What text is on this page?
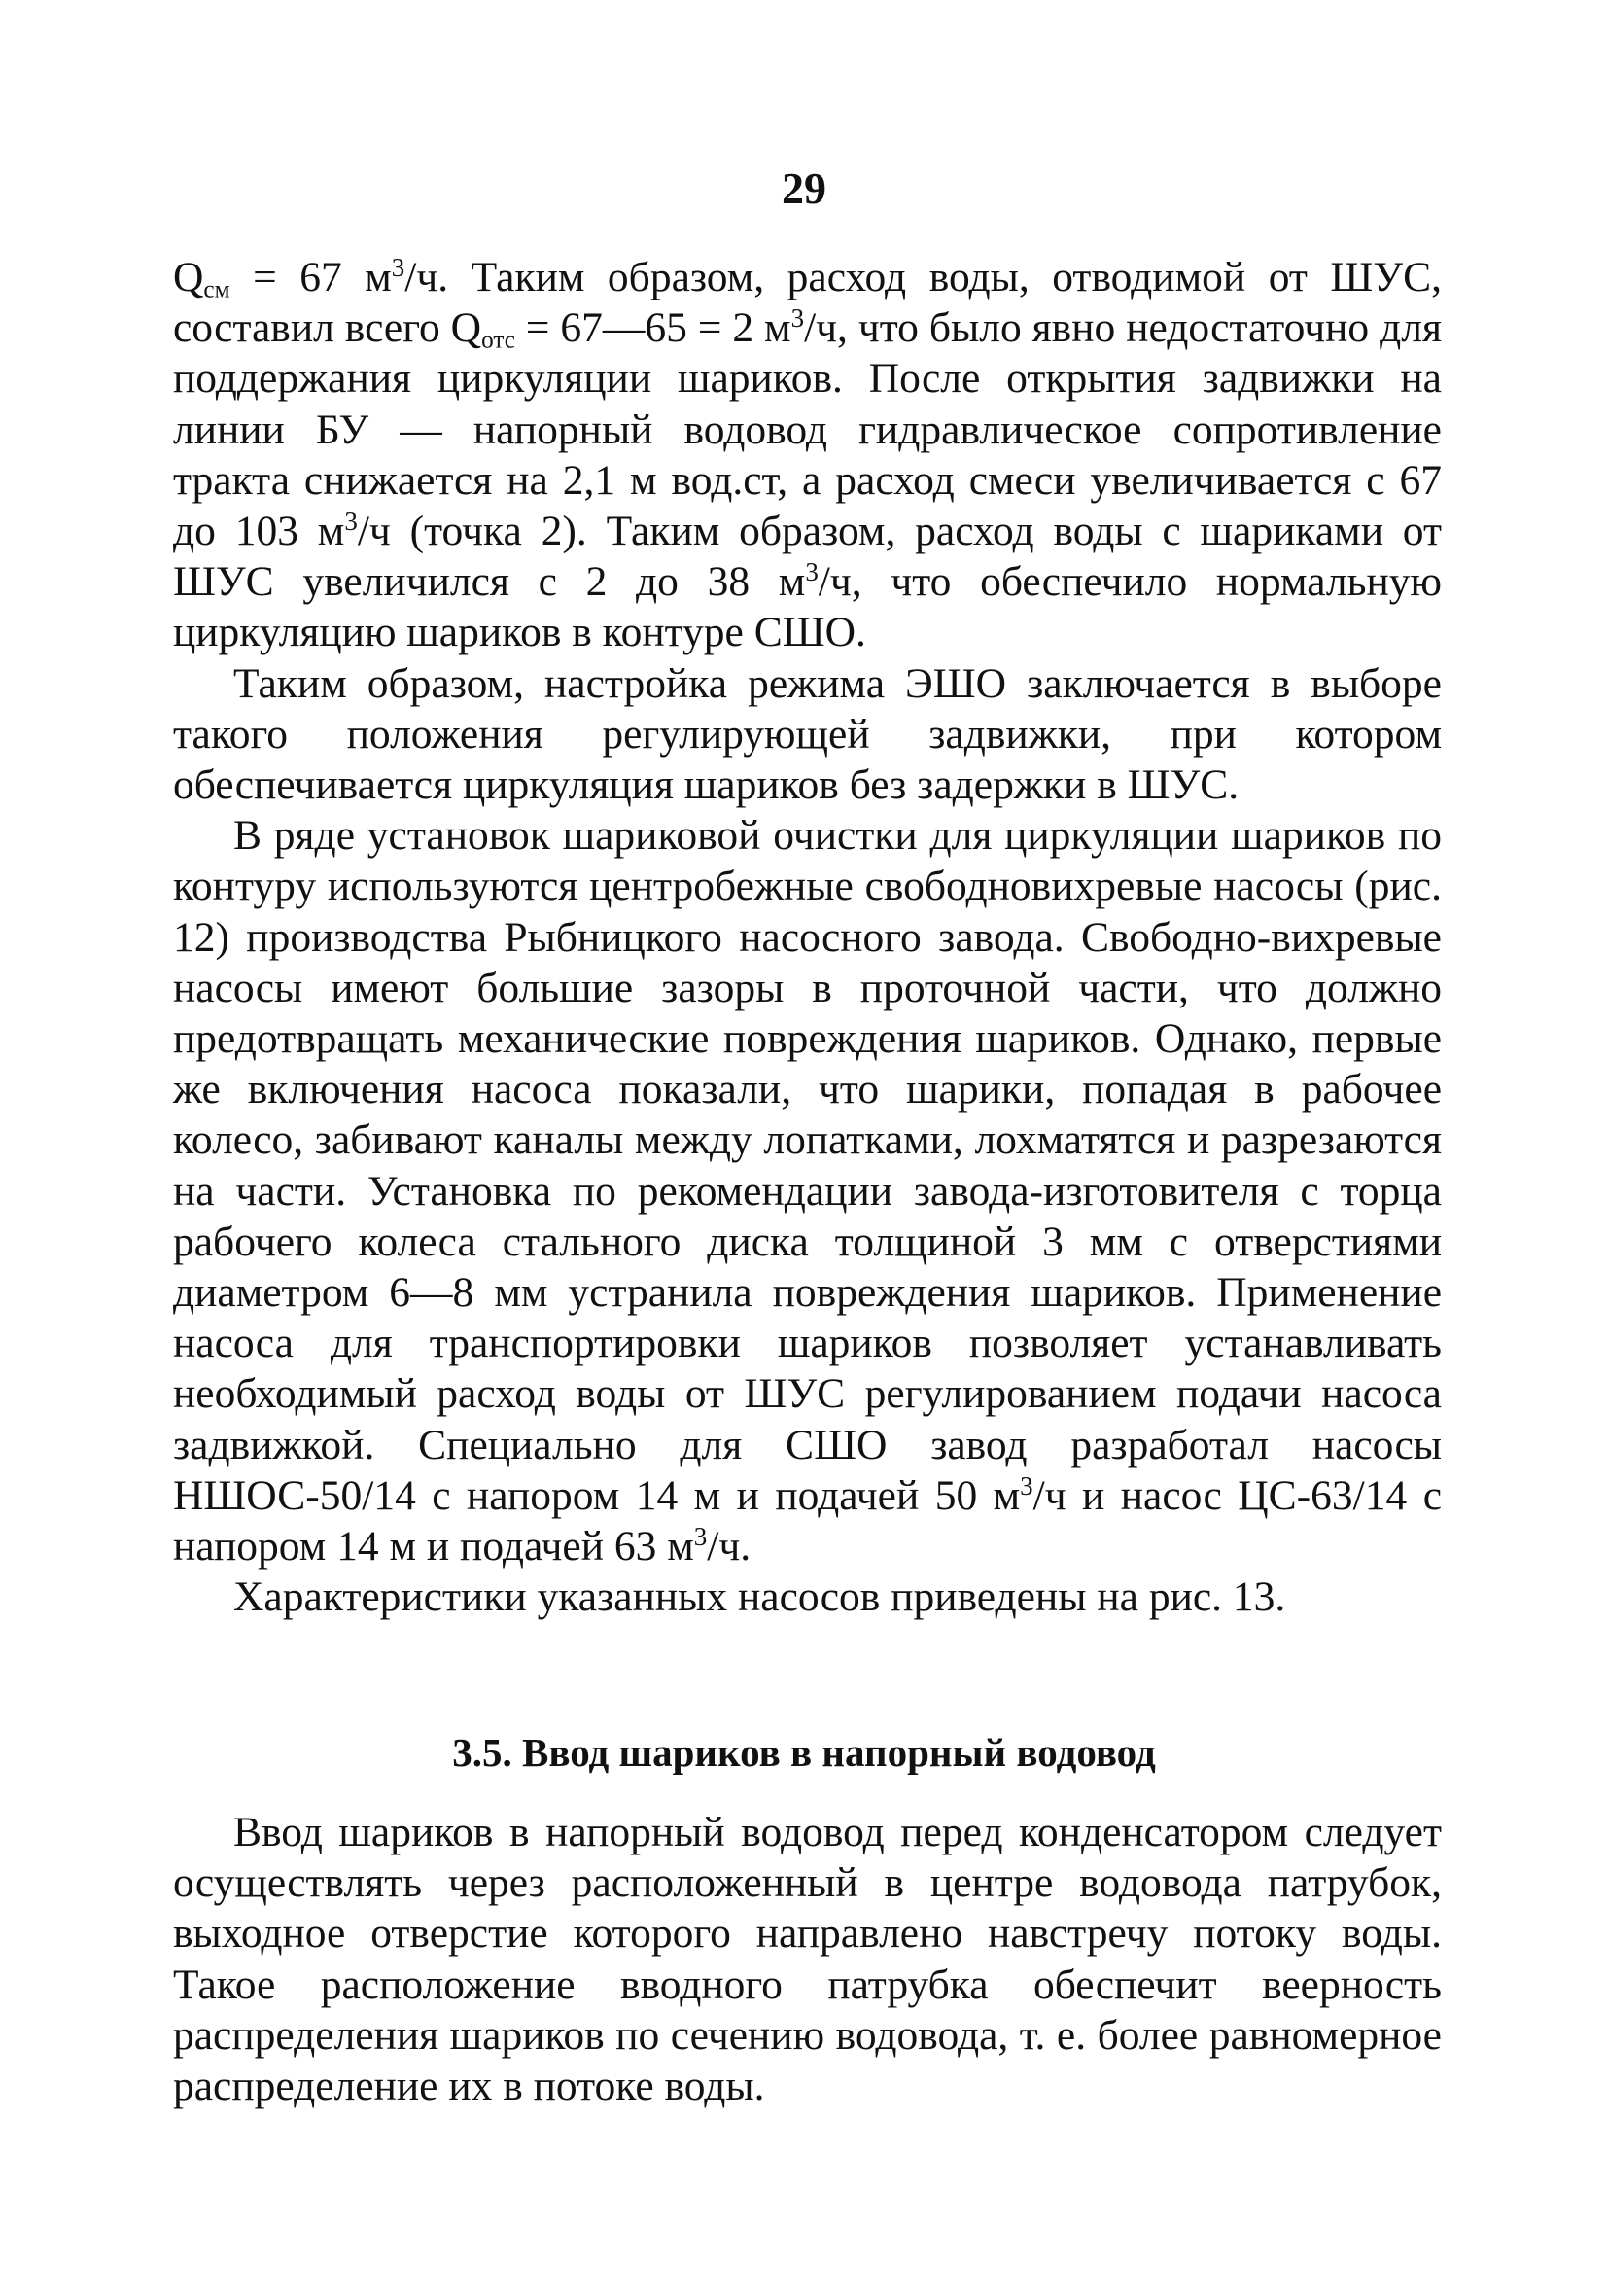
29

$Q_{см} = 67$ $м^3/ч$. Таким образом, расход воды, отводимой от ШУС, составил всего $Q_{отс}$ = 67—65 = 2 $м^3/ч$, что было явно недостаточно для поддержания циркуляции шариков. После открытия задвижки на линии БУ — напорный водовод гидравлическое сопротивление тракта снижается на 2,1 м вод.ст, а расход смеси увеличивается с 67 до 103 $м^3/ч$ (точка 2). Таким образом, расход воды с шариками от ШУС увеличился с 2 до 38 $м^3/ч$, что обеспечило нормальную циркуляцию шариков в контуре СШО.

Таким образом, настройка режима ЭШО заключается в выборе такого положения регулирующей задвижки, при котором обеспечивается циркуляция шариков без задержки в ШУС.

В ряде установок шариковой очистки для циркуляции шариков по контуру используются центробежные свободновихревые насосы (рис. 12) производства Рыбницкого насосного завода. Свободно-вихревые насосы имеют большие зазоры в проточной части, что должно предотвращать механические повреждения шариков. Однако, первые же включения насоса показали, что шарики, попадая в рабочее колесо, забивают каналы между лопатками, лохматятся и разрезаются на части. Установка по рекомендации завода-изготовителя с торца рабочего колеса стального диска толщиной 3 мм с отверстиями диаметром 6—8 мм устранила повреждения шариков. Применение насоса для транспортировки шариков позволяет устанавливать необходимый расход воды от ШУС регулированием подачи насоса задвижкой. Специально для СШО завод разработал насосы НШОС-50/14 с напором 14 м и подачей 50 $м^3/ч$ и насос ЦС-63/14 с напором 14 м и подачей 63 $м^3/ч$.

Характеристики указанных насосов приведены на рис. 13.

3.5. Ввод шариков в напорный водовод

Ввод шариков в напорный водовод перед конденсатором следует осуществлять через расположенный в центре водовода патрубок, выходное отверстие которого направлено навстречу потоку воды. Такое расположение вводного патрубка обеспечит веерность распределения шариков по сечению водовода, т. е. более равномерное распределение их в потоке воды.
